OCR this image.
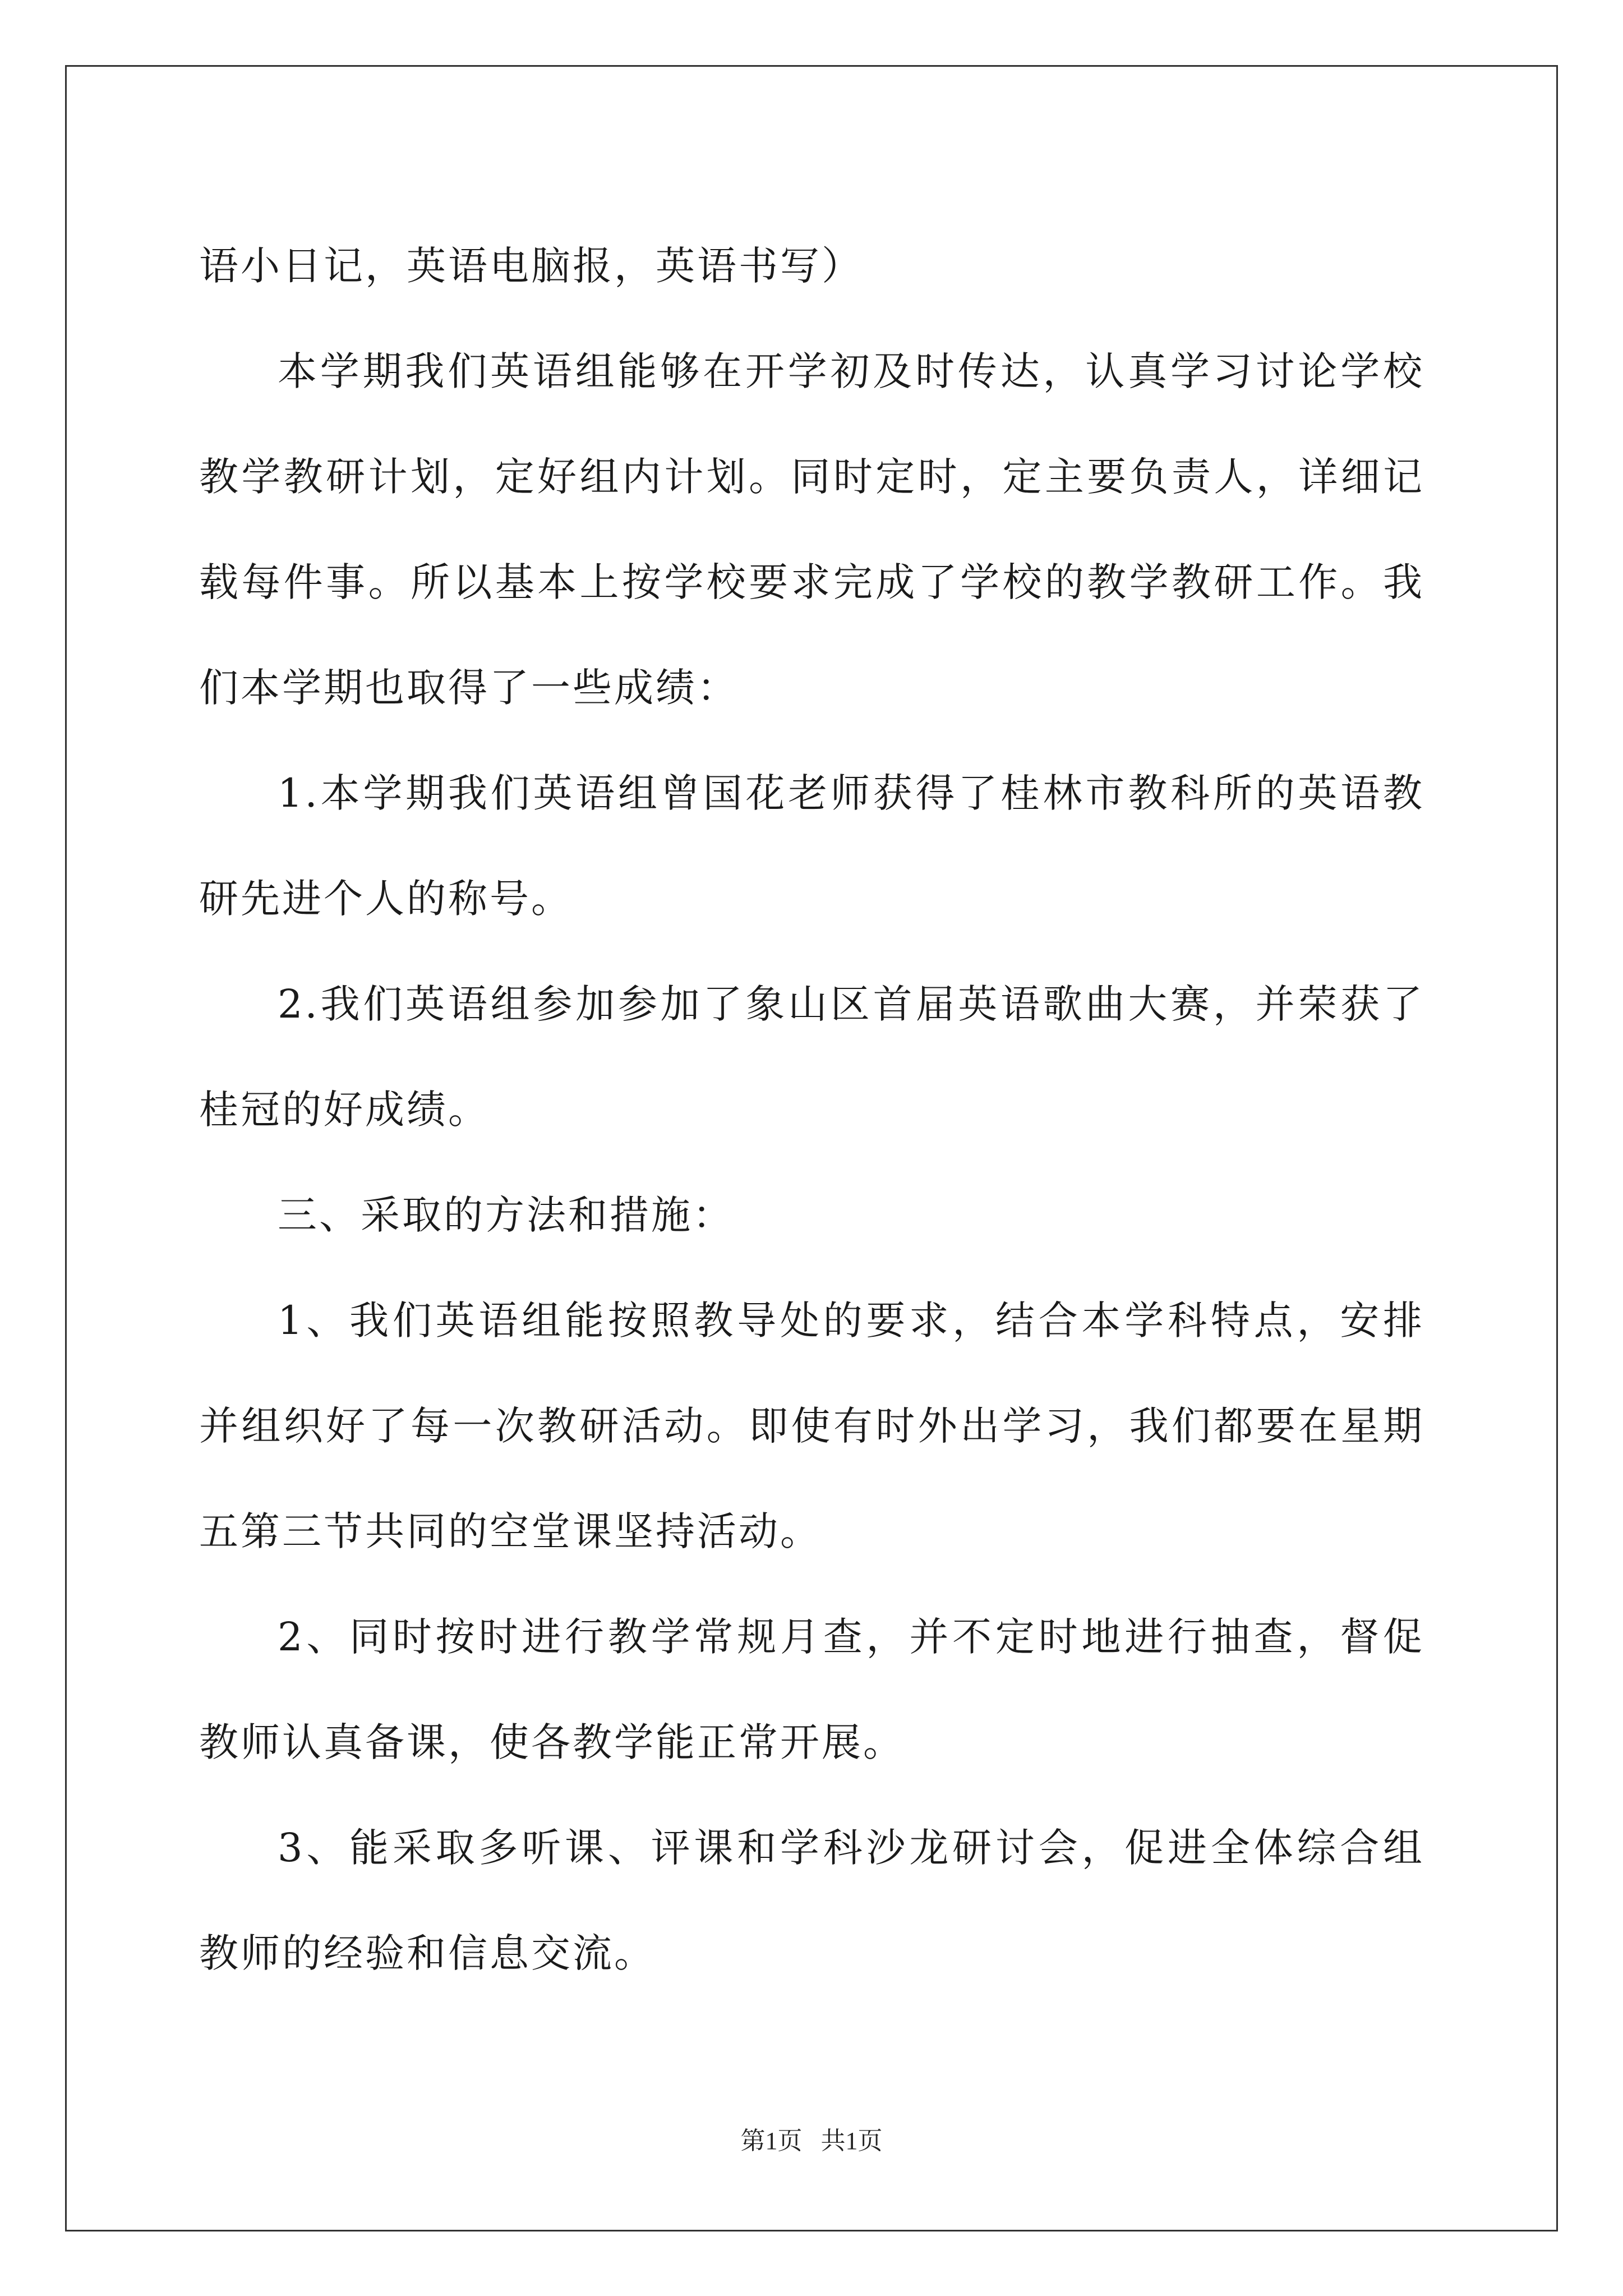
语小日记，英语电脑报，英语书写）

本学期我们英语组能够在开学初及时传达，认真学习讨论学校教学教研计划，定好组内计划。同时定时，定主要负责人，详细记载每件事。所以基本上按学校要求完成了学校的教学教研工作。我们本学期也取得了一些成绩：

1.本学期我们英语组曾国花老师获得了桂林市教科所的英语教研先进个人的称号。

2.我们英语组参加参加了象山区首届英语歌曲大赛，并荣获了桂冠的好成绩。

三、采取的方法和措施：

1、我们英语组能按照教导处的要求，结合本学科特点，安排并组织好了每一次教研活动。即使有时外出学习，我们都要在星期五第三节共同的空堂课坚持活动。

2、同时按时进行教学常规月查，并不定时地进行抽查，督促教师认真备课，使各教学能正常开展。

3、能采取多听课、评课和学科沙龙研讨会，促进全体综合组教师的经验和信息交流。

第1页   共1页
